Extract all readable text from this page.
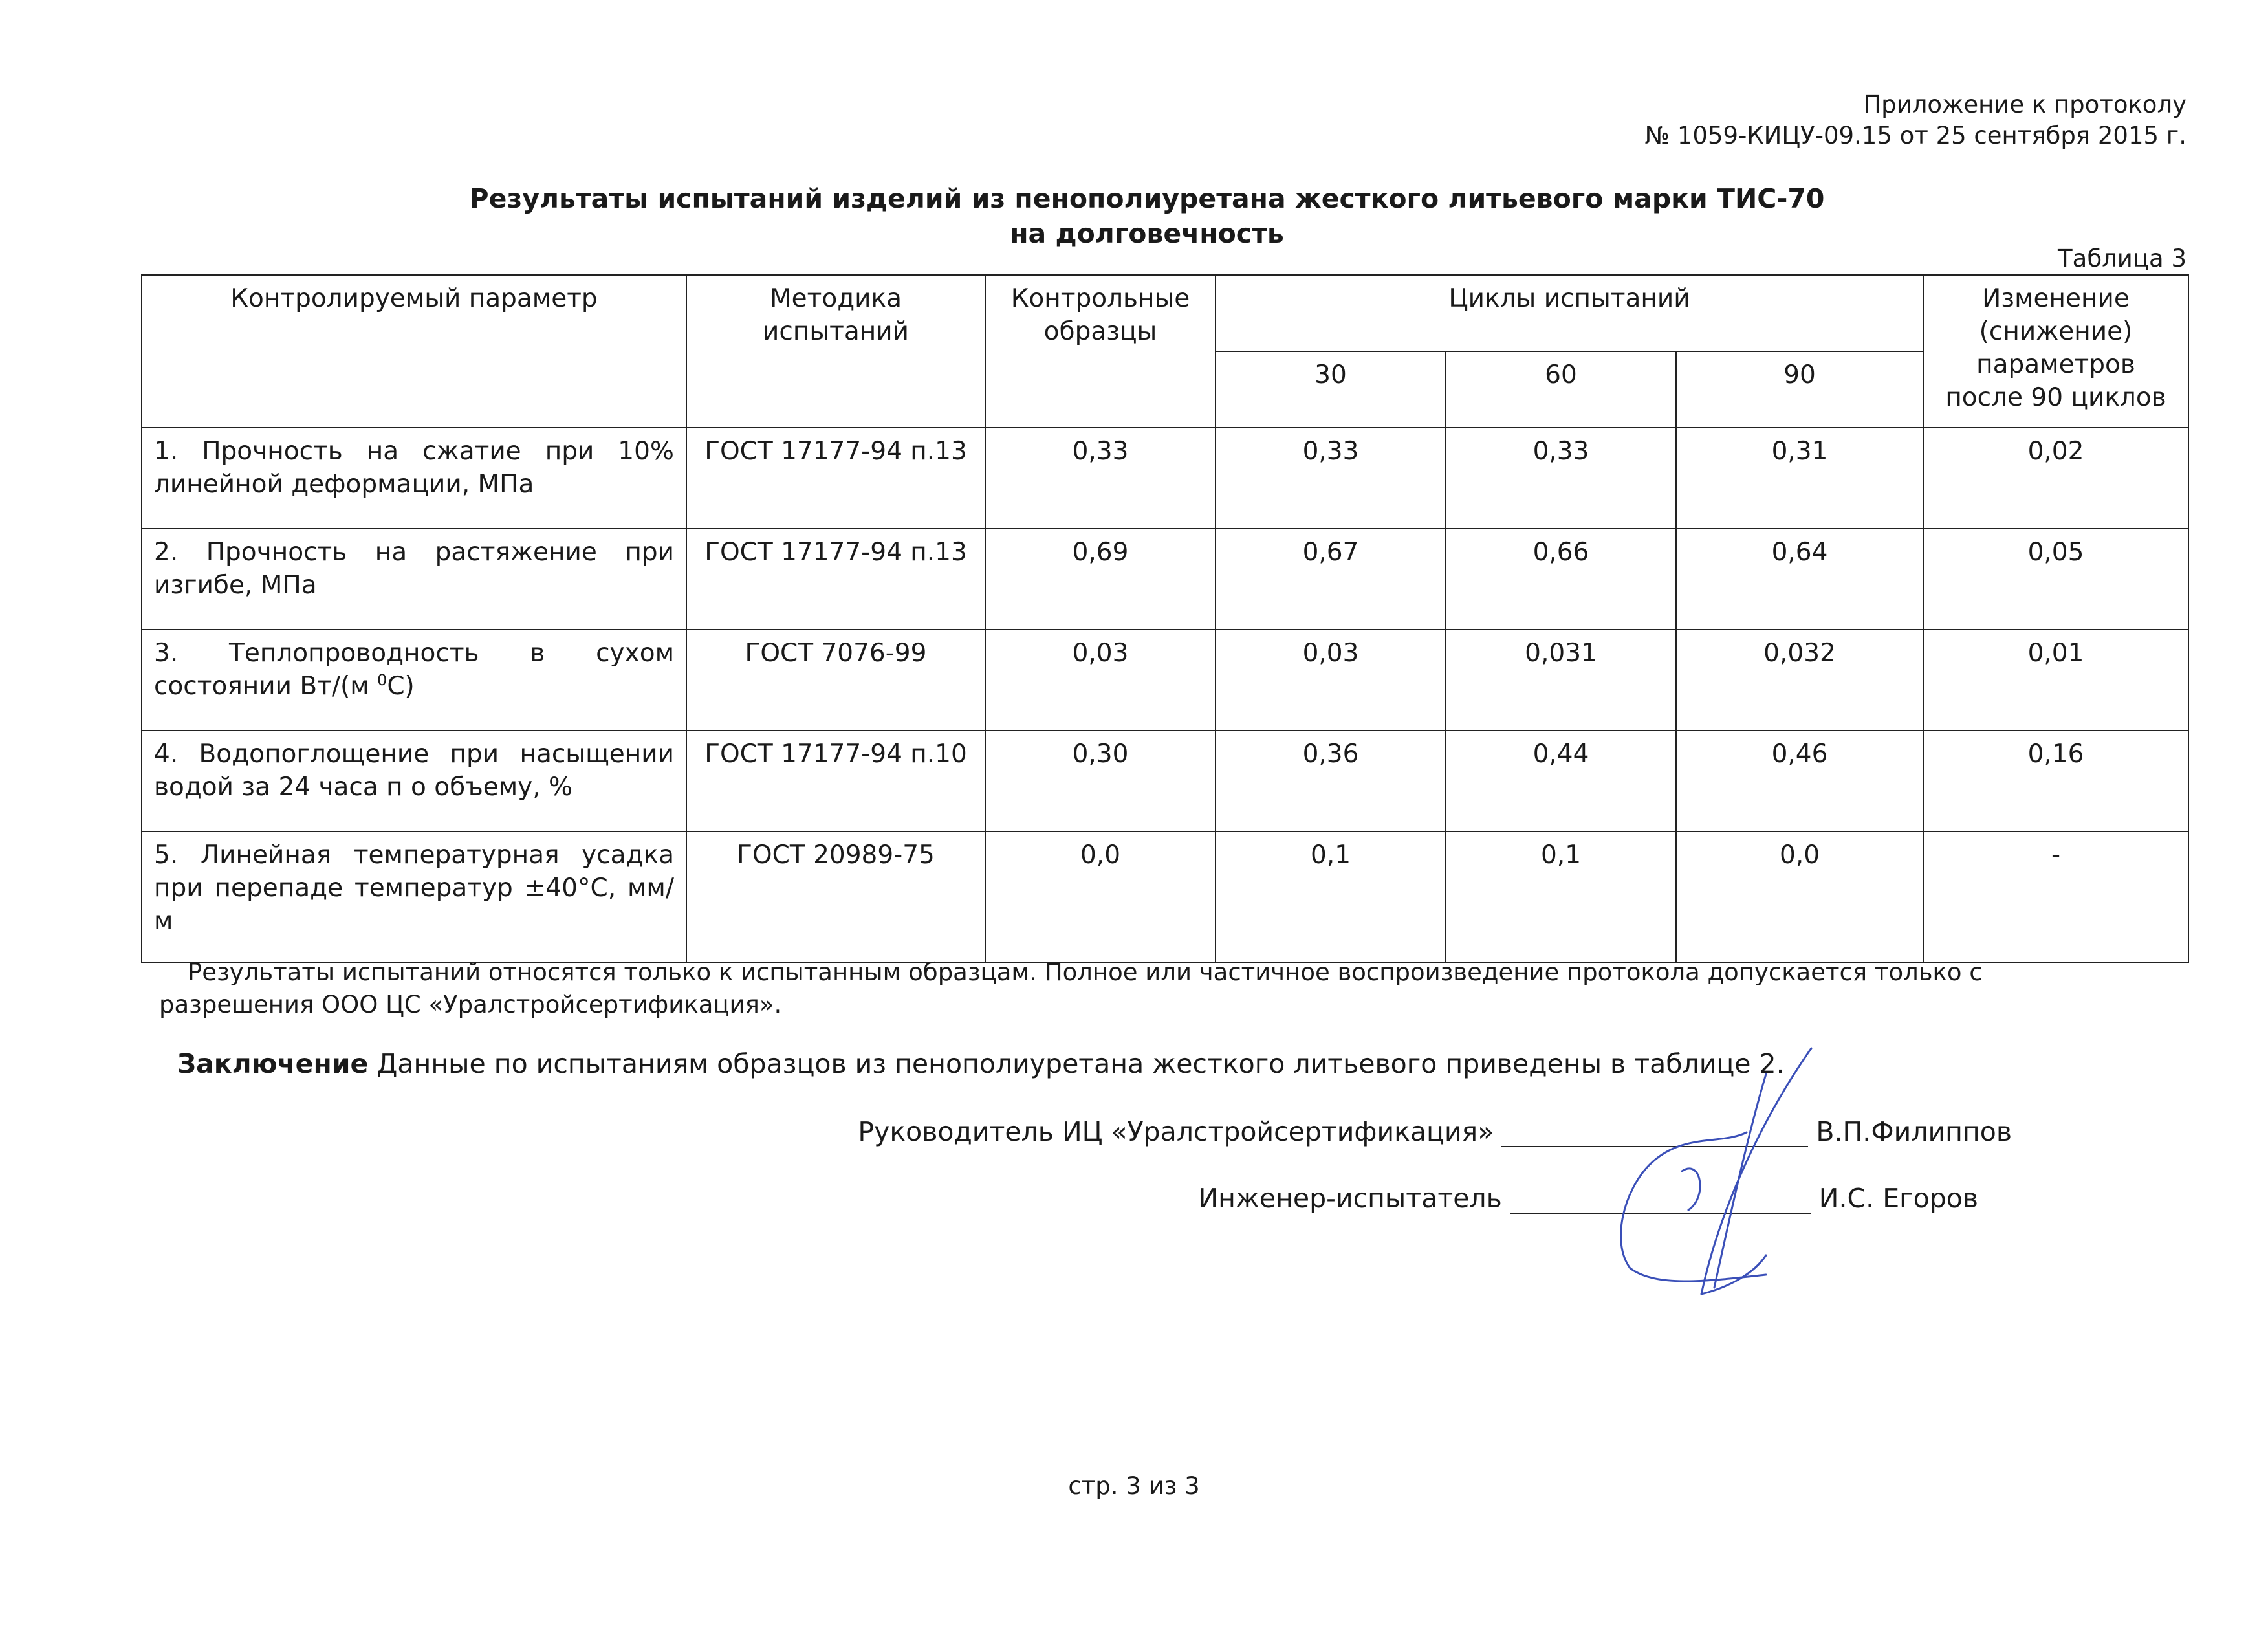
Приложение к протоколу
№ 1059-КИЦУ-09.15 от 25 сентября 2015 г.
Результаты испытаний изделий из пенополиуретана жесткого литьевого марки ТИС-70
на долговечность
Таблица 3
Контролируемый параметр	Методика испытаний	Контрольные образцы	Циклы испытаний			Изменение (снижение) параметров после 90 циклов
			30	60	90	
1. Прочность на сжатие при 10% линейной деформации, МПа	ГОСТ 17177-94 п.13	0,33	0,33	0,33	0,31	0,02
2. Прочность на растяжение при изгибе, МПа	ГОСТ 17177-94 п.13	0,69	0,67	0,66	0,64	0,05
3. Теплопроводность в сухом состоянии Вт/(м $^0$С)	ГОСТ 7076-99	0,03	0,03	0,031	0,032	0,01
4. Водопоглощение при насыщении водой за 24 часа п о объему, %	ГОСТ 17177-94 п.10	0,30	0,36	0,44	0,46	0,16
5. Линейная температурная усадка при перепаде температур ±40°С, мм/м	ГОСТ 20989-75	0,0	0,1	0,1	0,0	-
Результаты испытаний относятся только к испытанным образцам. Полное или частичное воспроизведение протокола допускается только с разрешения ООО ЦС «Уралстройсертификация».
Заключение Данные по испытаниям образцов из пенополиуретана жесткого литьевого приведены в таблице 2.
Руководитель ИЦ «Уралстройсертификация»	В.П.Филиппов
Инженер-испытатель	И.С. Егоров
стр. 3 из 3
